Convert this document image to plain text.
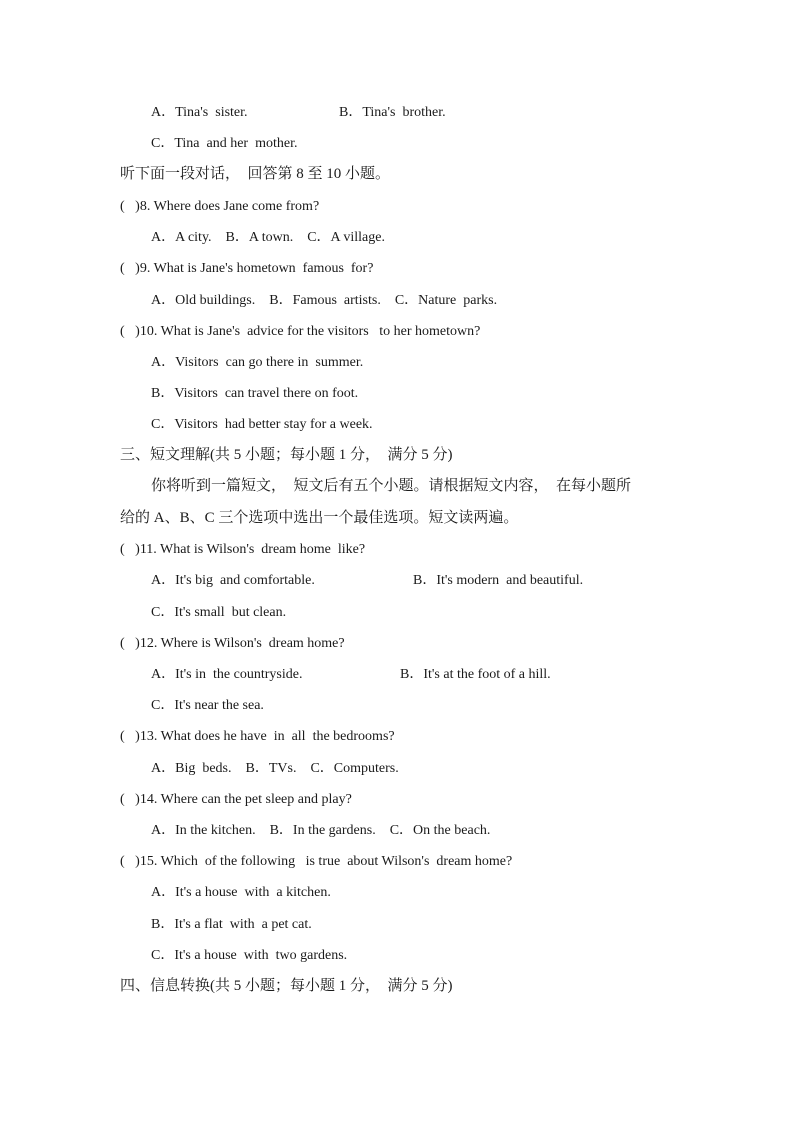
A．Tina's  sister.	B．Tina's  brother.
C．Tina  and her  mother.
听下面一段对话，  回答第 8 至 10 小题。
(   )8. Where does Jane come from?
A．A city.    B．A town.    C．A village.
(   )9. What is Jane's hometown  famous  for?
A．Old buildings.    B．Famous  artists.    C．Nature  parks.
(   )10. What is Jane's  advice for the visitors   to her hometown?
A．Visitors  can go there in  summer.
B．Visitors  can travel there on foot.
C．Visitors  had better stay for a week.
三、短文理解(共 5 小题；每小题 1 分，  满分 5 分)
你将听到一篇短文，  短文后有五个小题。请根据短文内容，  在每小题所
给的 A、B、C 三个选项中选出一个最佳选项。短文读两遍。
(   )11. What is Wilson's  dream home  like?
A．It's big  and comfortable.	B．It's modern  and beautiful.
C．It's small  but clean.
(   )12. Where is Wilson's  dream home?
A．It's in  the countryside.	B．It's at the foot of a hill.
C．It's near the sea.
(   )13. What does he have  in  all  the bedrooms?
A．Big  beds.    B．TVs.    C．Computers.
(   )14. Where can the pet sleep and play?
A．In the kitchen.    B．In the gardens.    C．On the beach.
(   )15. Which  of the following   is true  about Wilson's  dream home?
A．It's a house  with  a kitchen.
B．It's a flat  with  a pet cat.
C．It's a house  with  two gardens.
四、信息转换(共 5 小题；每小题 1 分，  满分 5 分)
